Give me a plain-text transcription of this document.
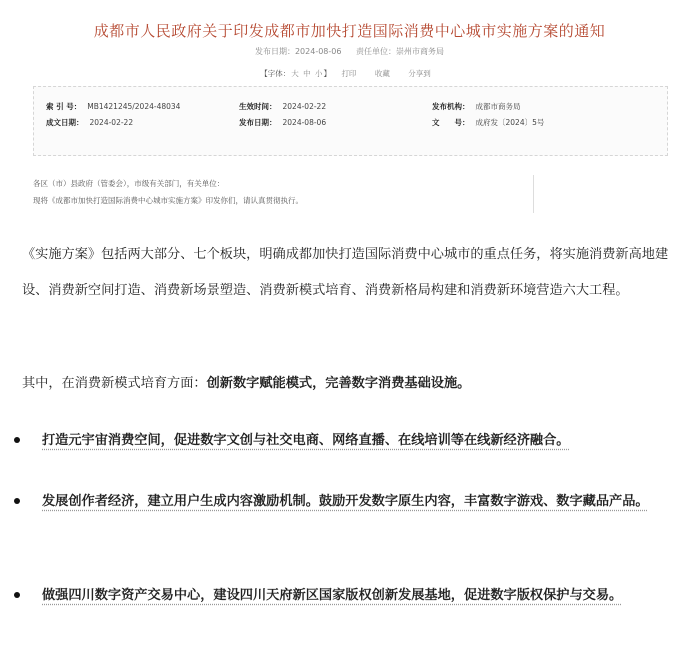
成都市人民政府关于印发成都市加快打造国际消费中心城市实施方案的通知
发布日期：2024-08-06 责任单位：崇州市商务局
【字体：大 中 小】 打印 收藏 分享到
索 引 号： MB1421245/2024-48034	生效时间： 2024-02-22	发布机构： 成都市商务局
成文日期： 2024-02-22	发布日期： 2024-08-06	文　　号： 成府发〔2024〕5号
各区（市）县政府（管委会），市级有关部门，有关单位：
现将《成都市加快打造国际消费中心城市实施方案》印发你们，请认真贯彻执行。
《实施方案》包括两大部分、七个板块，明确成都加快打造国际消费中心城市的重点任务，将实施消费新高地建设、消费新空间打造、消费新场景塑造、消费新模式培育、消费新格局构建和消费新环境营造六大工程。
其中，在消费新模式培育方面：创新数字赋能模式，完善数字消费基础设施。
打造元宇宙消费空间，促进数字文创与社交电商、网络直播、在线培训等在线新经济融合。
发展创作者经济，建立用户生成内容激励机制。鼓励开发数字原生内容，丰富数字游戏、数字藏品产品。
做强四川数字资产交易中心，建设四川天府新区国家版权创新发展基地，促进数字版权保护与交易。
